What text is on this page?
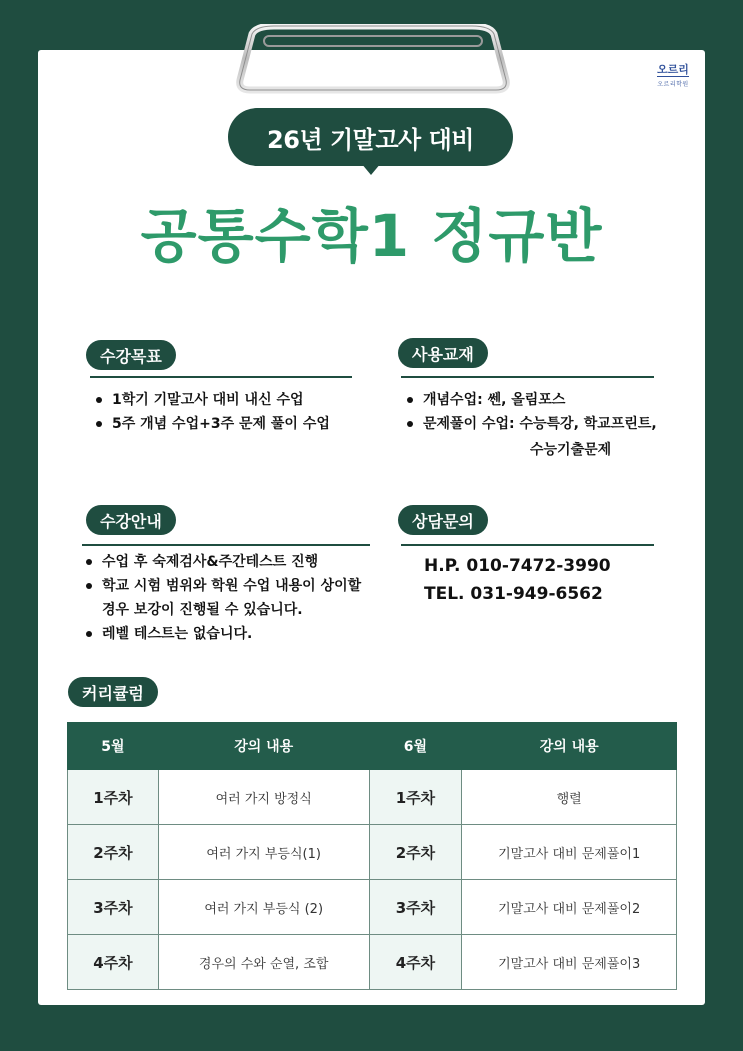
오르리
오르리학원
26년 기말고사 대비
공통수학1 정규반
수강목표
1학기 기말고사 대비 내신 수업
5주 개념 수업+3주 문제 풀이 수업
사용교재
개념수업: 쎈, 올림포스
문제풀이 수업: 수능특강, 학교프린트,
수능기출문제
수강안내
수업 후 숙제검사&주간테스트 진행
학교 시험 범위와 학원 수업 내용이 상이할 경우 보강이 진행될 수 있습니다.
레벨 테스트는 없습니다.
상담문의
H.P. 010-7472-3990
TEL. 031-949-6562
커리큘럼
5월	강의 내용	6월	강의 내용
1주차	여러 가지 방정식	1주차	행렬
2주차	여러 가지 부등식(1)	2주차	기말고사 대비 문제풀이1
3주차	여러 가지 부등식 (2)	3주차	기말고사 대비 문제풀이2
4주차	경우의 수와 순열, 조합	4주차	기말고사 대비 문제풀이3
